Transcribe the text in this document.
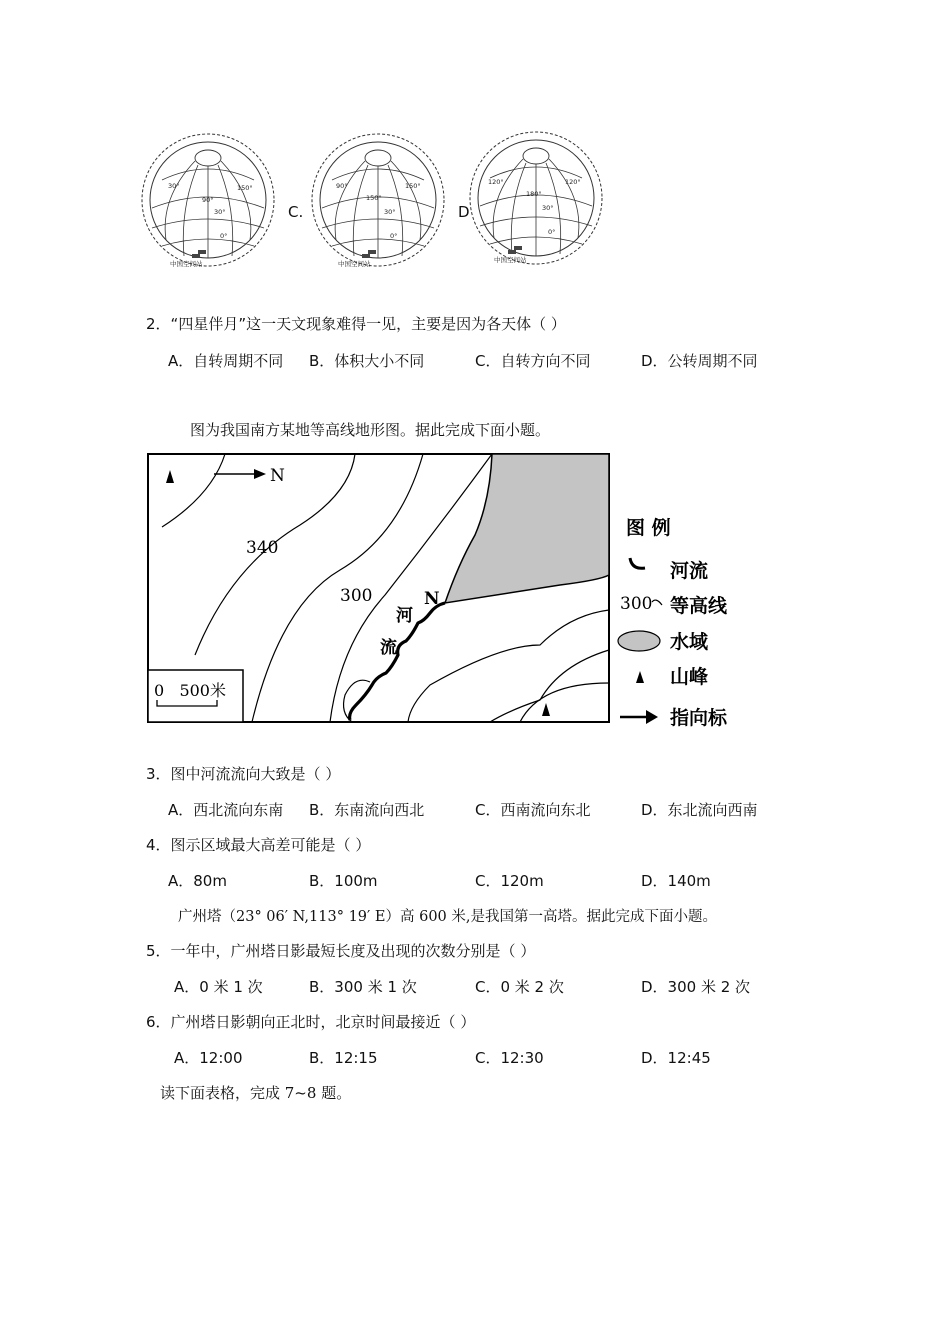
30°	150°
90°
30°
0°
中国空间站
C.
90°	150°
150°
30°
0°
中国空间站
D
120°	120°
180°
30°
0°
中国空间站
2．“四星伴月”这一天文现象难得一见，主要是因为各天体（ ）
A．自转周期不同 B．体积大小不同	C．自转方向不同	D．公转周期不同
图为我国南方某地等高线地形图。据此完成下面小题。
N
340
300
河
流
N
0   500米
图 例
河流
300 等高线
水域
山峰
指向标
3．图中河流流向大致是（ ）
A．西北流向东南 B．东南流向西北	C．西南流向东北	D．东北流向西南
4．图示区域最大高差可能是（ ）
A．80m	B．100m	C．120m	D．140m
广州塔（23° 06′ N,113° 19′ E）高 600 米,是我国第一高塔。据此完成下面小题。
5．一年中，广州塔日影最短长度及出现的次数分别是（ ）
A．0 米 1 次	B．300 米 1 次	C．0 米 2 次	D．300 米 2 次
6．广州塔日影朝向正北时，北京时间最接近（ ）
A．12:00	B．12:15	C．12:30	D．12:45
读下面表格，完成 7~8 题。
